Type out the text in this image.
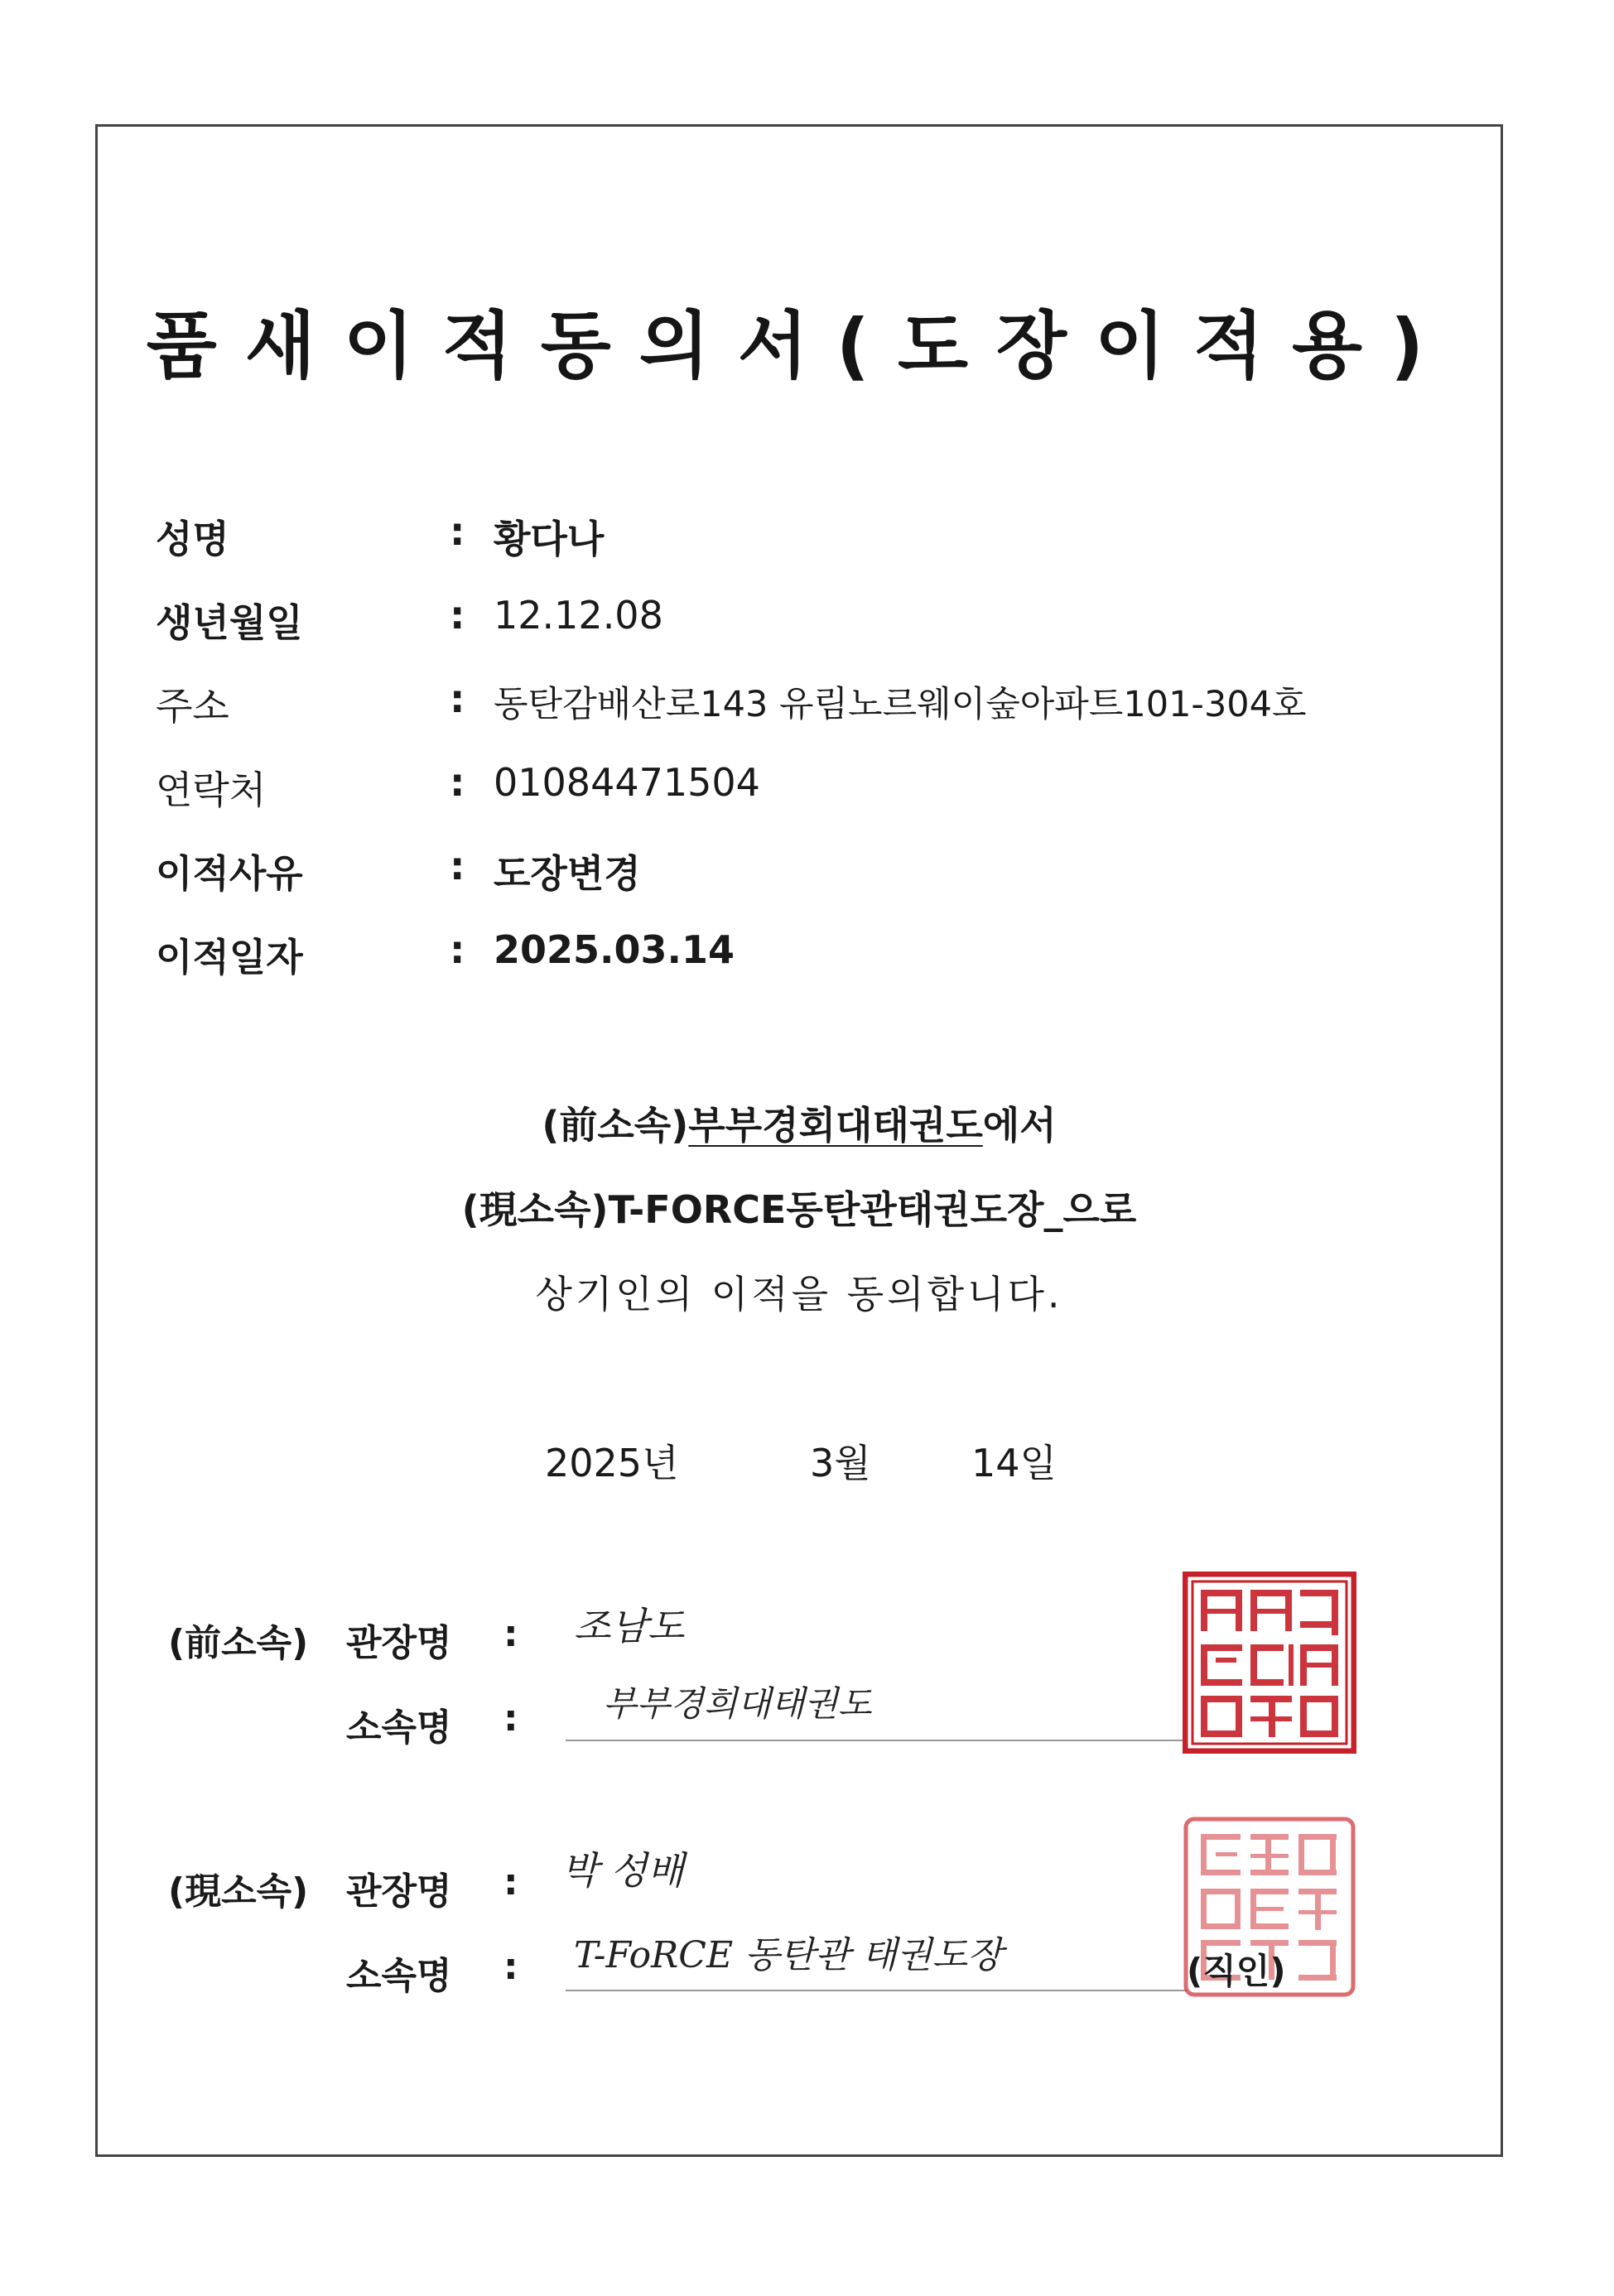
품새이적동의서(도장이적용)
성명	: 황다나
생년월일	: 12.12.08
주소	: 동탄감배산로143 유림노르웨이숲아파트101-304호
연락처	: 01084471504
이적사유	: 도장변경
이적일자	: 2025.03.14
(前소속)부부경회대태권도에서
(現소속)T-FORCE동탄관태권도장_으로
상기인의 이적을 동의합니다.
2025년	3월	14일
(前소속) 관장명 : 조남도
소속명 : 부부경희대태권도
(現소속) 관장명 : 박 성배
소속명 : T-FoRCE 동탄관 태권도장	(직인)
